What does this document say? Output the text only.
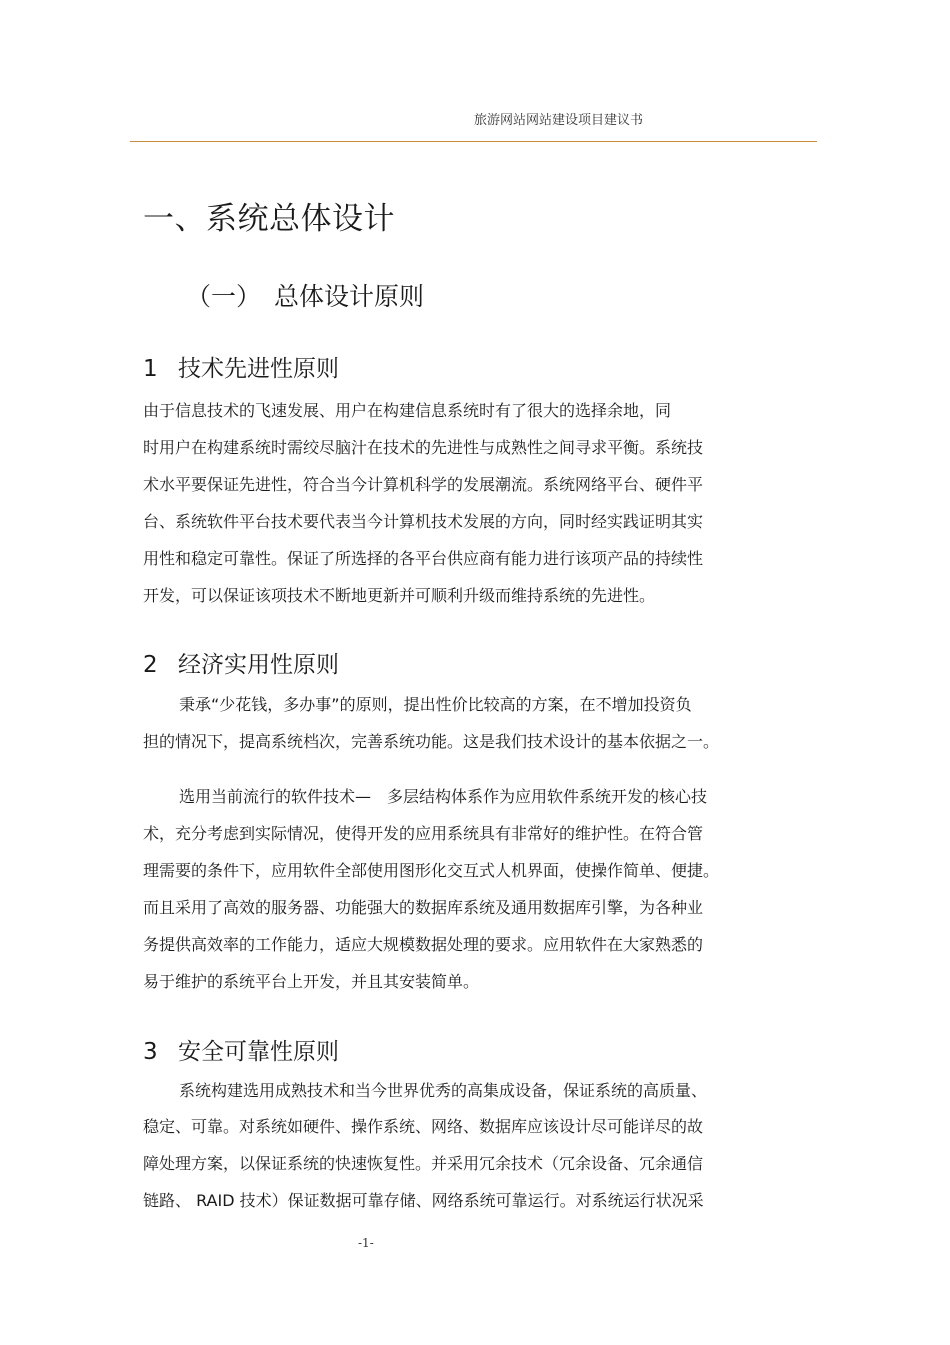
旅游网站网站建设项目建议书
一、系统总体设计
（一） 总体设计原则
1 技术先进性原则
由于信息技术的飞速发展、用户在构建信息系统时有了很大的选择余地，同
时用户在构建系统时需绞尽脑汁在技术的先进性与成熟性之间寻求平衡。系统技
术水平要保证先进性，符合当今计算机科学的发展潮流。系统网络平台、硬件平
台、系统软件平台技术要代表当今计算机技术发展的方向，同时经实践证明其实
用性和稳定可靠性。保证了所选择的各平台供应商有能力进行该项产品的持续性
开发，可以保证该项技术不断地更新并可顺利升级而维持系统的先进性。
2 经济实用性原则
秉承“少花钱，多办事”的原则，提出性价比较高的方案，在不增加投资负
担的情况下，提高系统档次，完善系统功能。这是我们技术设计的基本依据之一。
选用当前流行的软件技术—　多层结构体系作为应用软件系统开发的核心技
术，充分考虑到实际情况，使得开发的应用系统具有非常好的维护性。在符合管
理需要的条件下，应用软件全部使用图形化交互式人机界面，使操作简单、便捷。
而且采用了高效的服务器、功能强大的数据库系统及通用数据库引擎，为各种业
务提供高效率的工作能力，适应大规模数据处理的要求。应用软件在大家熟悉的
易于维护的系统平台上开发，并且其安装简单。
3 安全可靠性原则
系统构建选用成熟技术和当今世界优秀的高集成设备，保证系统的高质量、
稳定、可靠。对系统如硬件、操作系统、网络、数据库应该设计尽可能详尽的故
障处理方案，以保证系统的快速恢复性。并采用冗余技术（冗余设备、冗余通信
链路、 RAID 技术）保证数据可靠存储、网络系统可靠运行。对系统运行状况采
-1-
